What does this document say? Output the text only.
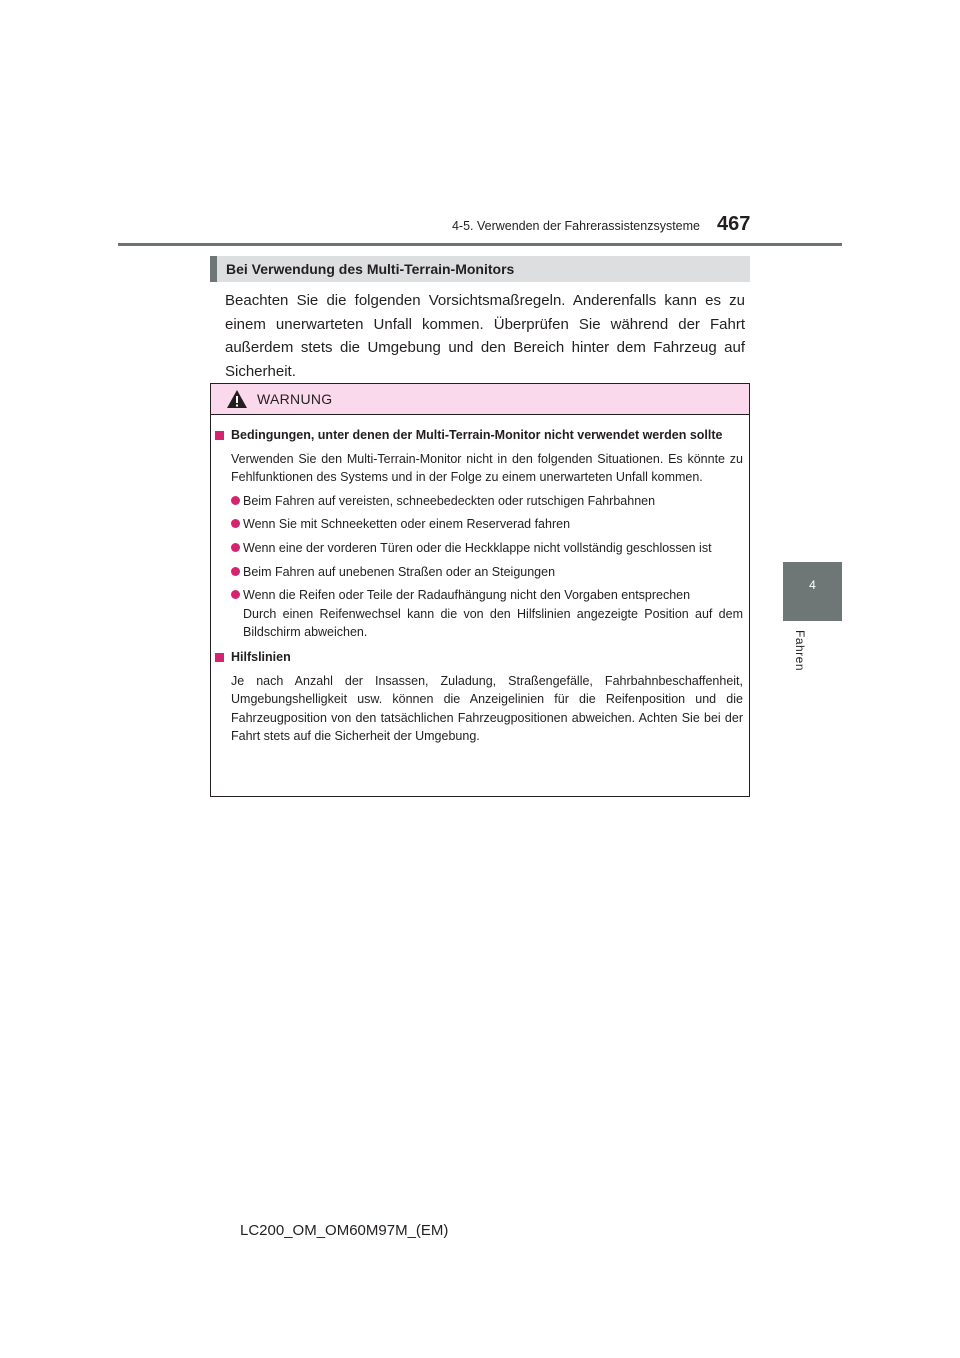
4-5. Verwenden der Fahrerassistenzsysteme 467
4
Fahren
Bei Verwendung des Multi-Terrain-Monitors
Beachten Sie die folgenden Vorsichtsmaßregeln. Anderenfalls kann es zu einem unerwarteten Unfall kommen. Überprüfen Sie während der Fahrt außerdem stets die Umgebung und den Bereich hinter dem Fahrzeug auf Sicherheit.
WARNUNG
Bedingungen, unter denen der Multi-Terrain-Monitor nicht verwendet werden sollte
Verwenden Sie den Multi-Terrain-Monitor nicht in den folgenden Situationen. Es könnte zu Fehlfunktionen des Systems und in der Folge zu einem unerwarteten Unfall kommen.
Beim Fahren auf vereisten, schneebedeckten oder rutschigen Fahrbahnen
Wenn Sie mit Schneeketten oder einem Reserverad fahren
Wenn eine der vorderen Türen oder die Heckklappe nicht vollständig geschlossen ist
Beim Fahren auf unebenen Straßen oder an Steigungen
Wenn die Reifen oder Teile der Radaufhängung nicht den Vorgaben entsprechen
Durch einen Reifenwechsel kann die von den Hilfslinien angezeigte Position auf dem Bildschirm abweichen.
Hilfslinien
Je nach Anzahl der Insassen, Zuladung, Straßengefälle, Fahrbahnbeschaffenheit, Umgebungshelligkeit usw. können die Anzeigelinien für die Reifenposition und die Fahrzeugposition von den tatsächlichen Fahrzeugpositionen abweichen. Achten Sie bei der Fahrt stets auf die Sicherheit der Umgebung.
LC200_OM_OM60M97M_(EM)
